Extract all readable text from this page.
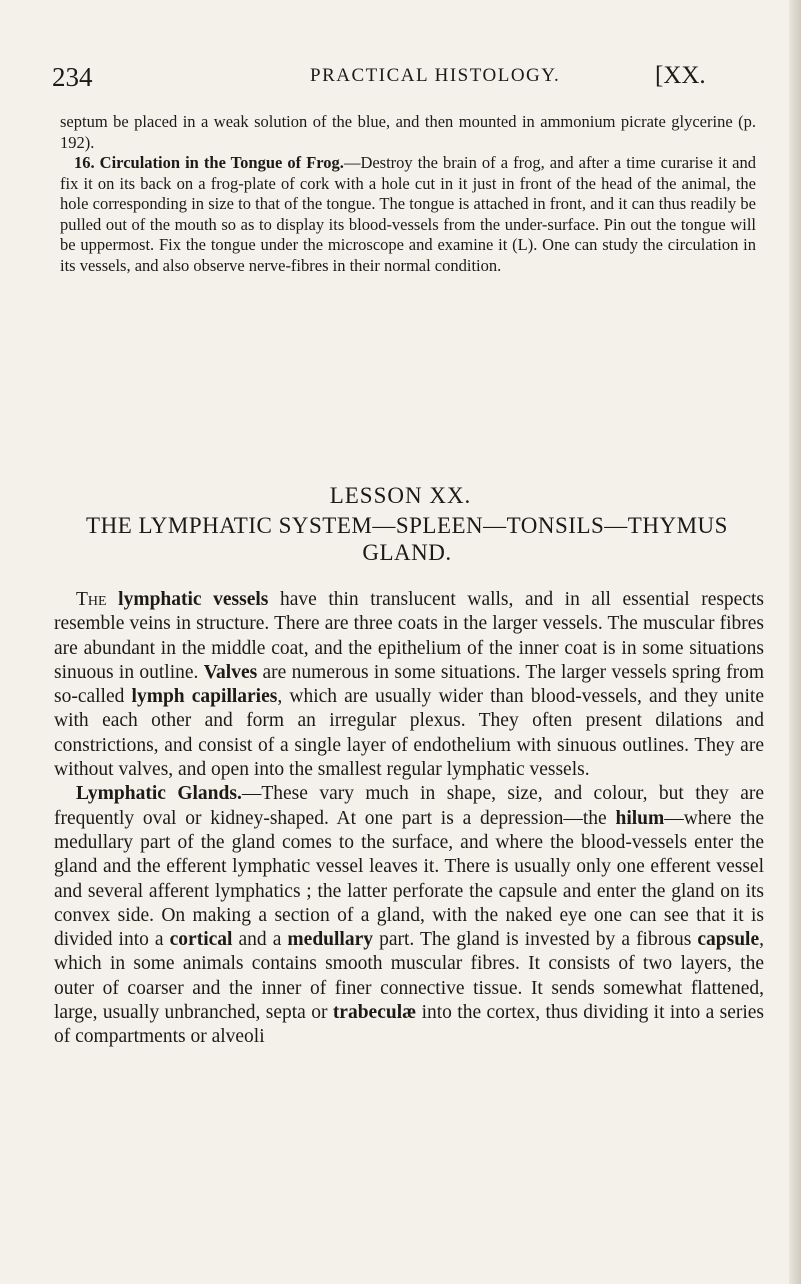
234	PRACTICAL HISTOLOGY.	[XX.

septum be placed in a weak solution of the blue, and then mounted in ammonium picrate glycerine (p. 192).

16. Circulation in the Tongue of Frog.—Destroy the brain of a frog, and after a time curarise it and fix it on its back on a frog-plate of cork with a hole cut in it just in front of the head of the animal, the hole corresponding in size to that of the tongue. The tongue is attached in front, and it can thus readily be pulled out of the mouth so as to display its blood-vessels from the under-surface. Pin out the tongue will be uppermost. Fix the tongue under the microscope and examine it (L). One can study the circulation in its vessels, and also observe nerve-fibres in their normal condition.

LESSON XX.
THE LYMPHATIC SYSTEM—SPLEEN—TONSILS—THYMUS GLAND.

The lymphatic vessels have thin translucent walls, and in all essential respects resemble veins in structure. There are three coats in the larger vessels. The muscular fibres are abundant in the middle coat, and the epithelium of the inner coat is in some situations sinuous in outline. Valves are numerous in some situations. The larger vessels spring from so-called lymph capillaries, which are usually wider than blood-vessels, and they unite with each other and form an irregular plexus. They often present dilations and constrictions, and consist of a single layer of endothelium with sinuous outlines. They are without valves, and open into the smallest regular lymphatic vessels.

Lymphatic Glands.—These vary much in shape, size, and colour, but they are frequently oval or kidney-shaped. At one part is a depression—the hilum—where the medullary part of the gland comes to the surface, and where the blood-vessels enter the gland and the efferent lymphatic vessel leaves it. There is usually only one efferent vessel and several afferent lymphatics ; the latter perforate the capsule and enter the gland on its convex side. On making a section of a gland, with the naked eye one can see that it is divided into a cortical and a medullary part. The gland is invested by a fibrous capsule, which in some animals contains smooth muscular fibres. It consists of two layers, the outer of coarser and the inner of finer connective tissue. It sends somewhat flattened, large, usually unbranched, septa or trabeculæ into the cortex, thus dividing it into a series of compartments or alveoli
